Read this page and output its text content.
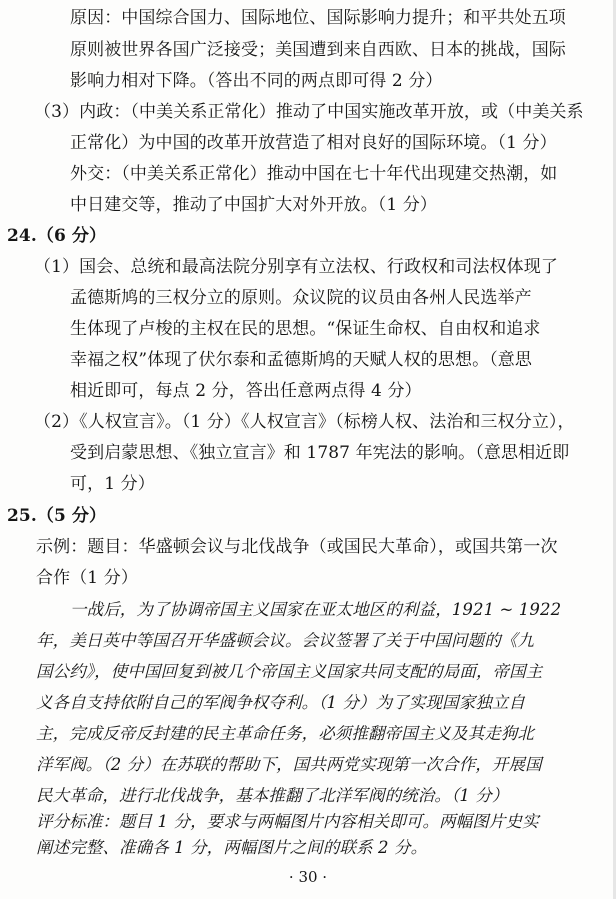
原因：中国综合国力、国际地位、国际影响力提升；和平共处五项
原则被世界各国广泛接受；美国遭到来自西欧、日本的挑战，国际
影响力相对下降。（答出不同的两点即可得 2 分）
（3）内政：（中美关系正常化）推动了中国实施改革开放，或（中美关系
正常化）为中国的改革开放营造了相对良好的国际环境。（1 分）
外交：（中美关系正常化）推动中国在七十年代出现建交热潮，如
中日建交等，推动了中国扩大对外开放。（1 分）
24.（6 分）
（1）国会、总统和最高法院分别享有立法权、行政权和司法权体现了
孟德斯鸠的三权分立的原则。众议院的议员由各州人民选举产
生体现了卢梭的主权在民的思想。“保证生命权、自由权和追求
幸福之权”体现了伏尔泰和孟德斯鸠的天赋人权的思想。（意思
相近即可，每点 2 分，答出任意两点得 4 分）
（2）《人权宣言》。（1 分）《人权宣言》（标榜人权、法治和三权分立），
受到启蒙思想、《独立宣言》和 1787 年宪法的影响。（意思相近即
可，1 分）
25.（5 分）
示例：题目：华盛顿会议与北伐战争（或国民大革命），或国共第一次
合作（1 分）
一战后，为了协调帝国主义国家在亚太地区的利益，1921 ~ 1922
年，美日英中等国召开华盛顿会议。会议签署了关于中国问题的《九
国公约》，使中国回复到被几个帝国主义国家共同支配的局面，帝国主
义各自支持依附自己的军阀争权夺利。（1 分）为了实现国家独立自
主，完成反帝反封建的民主革命任务，必须推翻帝国主义及其走狗北
洋军阀。（2 分）在苏联的帮助下，国共两党实现第一次合作，开展国
民大革命，进行北伐战争，基本推翻了北洋军阀的统治。（1 分）
评分标准：题目 1 分，要求与两幅图片内容相关即可。两幅图片史实
阐述完整、准确各 1 分，两幅图片之间的联系 2 分。
· 30 ·
